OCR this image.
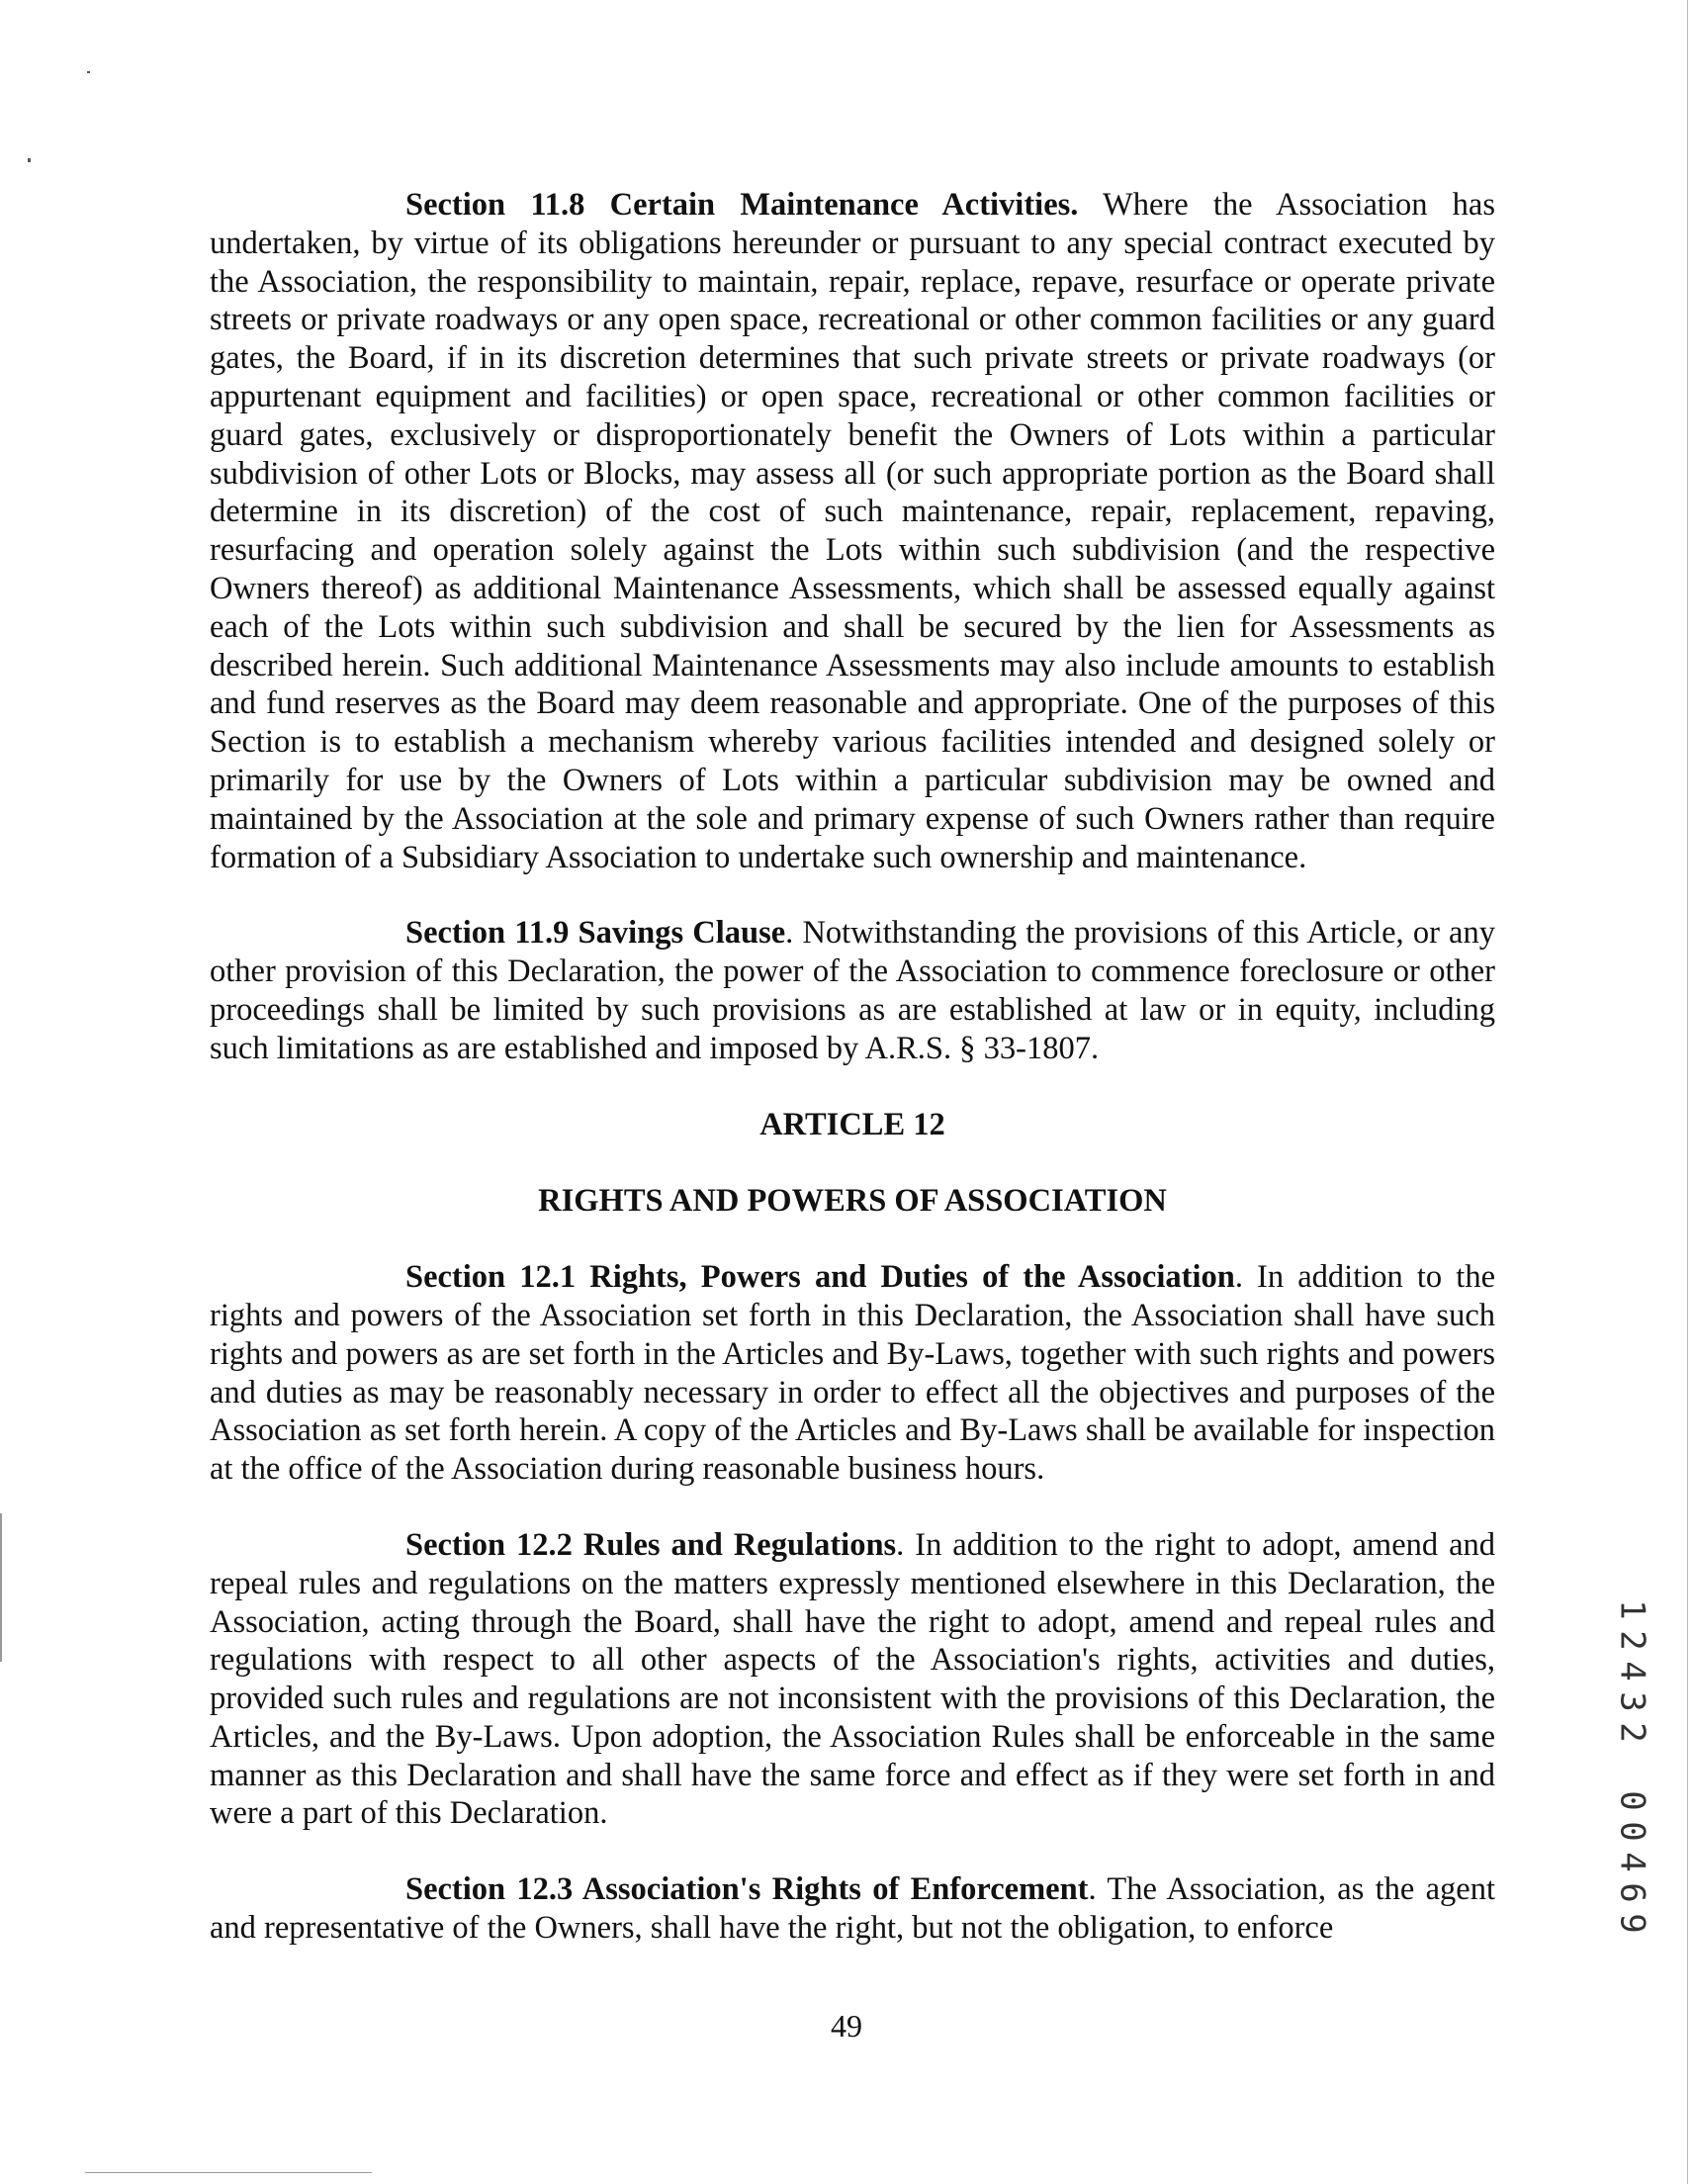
Section 11.8 Certain Maintenance Activities. Where the Association has undertaken, by virtue of its obligations hereunder or pursuant to any special contract executed by the Association, the responsibility to maintain, repair, replace, repave, resurface or operate private streets or private roadways or any open space, recreational or other common facilities or any guard gates, the Board, if in its discretion determines that such private streets or private roadways (or appurtenant equipment and facilities) or open space, recreational or other common facilities or guard gates, exclusively or disproportionately benefit the Owners of Lots within a particular subdivision of other Lots or Blocks, may assess all (or such appropriate portion as the Board shall determine in its discretion) of the cost of such maintenance, repair, replacement, repaving, resurfacing and operation solely against the Lots within such subdivision (and the respective Owners thereof) as additional Maintenance Assessments, which shall be assessed equally against each of the Lots within such subdivision and shall be secured by the lien for Assessments as described herein. Such additional Maintenance Assessments may also include amounts to establish and fund reserves as the Board may deem reasonable and appropriate. One of the purposes of this Section is to establish a mechanism whereby various facilities intended and designed solely or primarily for use by the Owners of Lots within a particular subdivision may be owned and maintained by the Association at the sole and primary expense of such Owners rather than require formation of a Subsidiary Association to undertake such ownership and maintenance.

Section 11.9 Savings Clause. Notwithstanding the provisions of this Article, or any other provision of this Declaration, the power of the Association to commence foreclosure or other proceedings shall be limited by such provisions as are established at law or in equity, including such limitations as are established and imposed by A.R.S. § 33-1807.

ARTICLE 12

RIGHTS AND POWERS OF ASSOCIATION

Section 12.1 Rights, Powers and Duties of the Association. In addition to the rights and powers of the Association set forth in this Declaration, the Association shall have such rights and powers as are set forth in the Articles and By-Laws, together with such rights and powers and duties as may be reasonably necessary in order to effect all the objectives and purposes of the Association as set forth herein. A copy of the Articles and By-Laws shall be available for inspection at the office of the Association during reasonable business hours.

Section 12.2 Rules and Regulations. In addition to the right to adopt, amend and repeal rules and regulations on the matters expressly mentioned elsewhere in this Declaration, the Association, acting through the Board, shall have the right to adopt, amend and repeal rules and regulations with respect to all other aspects of the Association's rights, activities and duties, provided such rules and regulations are not inconsistent with the provisions of this Declaration, the Articles, and the By-Laws. Upon adoption, the Association Rules shall be enforceable in the same manner as this Declaration and shall have the same force and effect as if they were set forth in and were a part of this Declaration.

Section 12.3 Association's Rights of Enforcement. The Association, as the agent and representative of the Owners, shall have the right, but not the obligation, to enforce

49
1
2
4
3
2
0
0
4
6
9
